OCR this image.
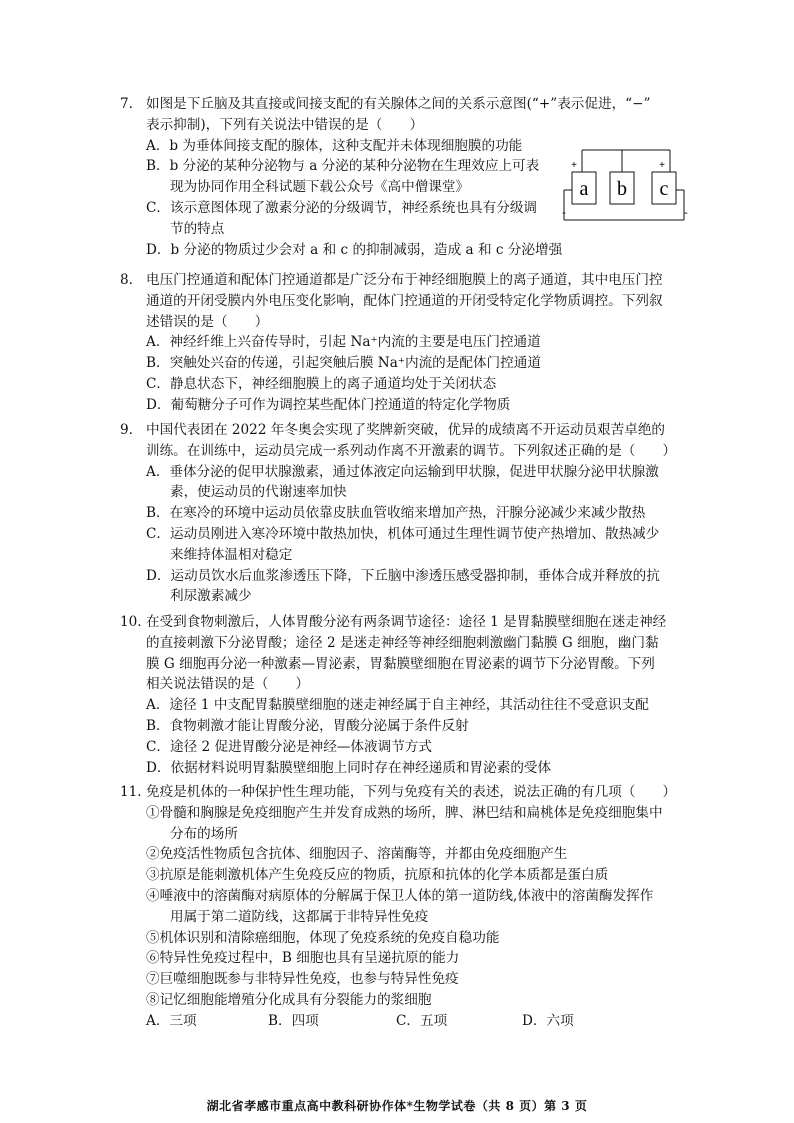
7. 如图是下丘脑及其直接或间接支配的有关腺体之间的关系示意图(“+”表示促进，“−”
表示抑制)，下列有关说法中错误的是（　　）
A．b 为垂体间接支配的腺体，这种支配并未体现细胞膜的功能
B．b 分泌的某种分泌物与 a 分泌的某种分泌物在生理效应上可表
现为协同作用全科试题下载公众号《高中僧课堂》
C．该示意图体现了激素分泌的分级调节，神经系统也具有分级调
节的特点
D．b 分泌的物质过少会对 a 和 c 的抑制减弱，造成 a 和 c 分泌增强
8. 电压门控通道和配体门控通道都是广泛分布于神经细胞膜上的离子通道，其中电压门控
通道的开闭受膜内外电压变化影响，配体门控通道的开闭受特定化学物质调控。下列叙
述错误的是（　　）
A．神经纤维上兴奋传导时，引起 Na⁺内流的主要是电压门控通道
B．突触处兴奋的传递，引起突触后膜 Na⁺内流的是配体门控通道
C．静息状态下，神经细胞膜上的离子通道均处于关闭状态
D．葡萄糖分子可作为调控某些配体门控通道的特定化学物质
9. 中国代表团在 2022 年冬奥会实现了奖牌新突破，优异的成绩离不开运动员艰苦卓绝的
训练。在训练中，运动员完成一系列动作离不开激素的调节。下列叙述正确的是（　　）
A．垂体分泌的促甲状腺激素，通过体液定向运输到甲状腺，促进甲状腺分泌甲状腺激
素，使运动员的代谢速率加快
B．在寒冷的环境中运动员依靠皮肤血管收缩来增加产热，汗腺分泌减少来减少散热
C．运动员刚进入寒冷环境中散热加快，机体可通过生理性调节使产热增加、散热减少
来维持体温相对稳定
D．运动员饮水后血浆渗透压下降，下丘脑中渗透压感受器抑制，垂体合成并释放的抗
利尿激素减少
10. 在受到食物刺激后，人体胃酸分泌有两条调节途径：途径 1 是胃黏膜壁细胞在迷走神经
的直接刺激下分泌胃酸；途径 2 是迷走神经等神经细胞刺激幽门黏膜 G 细胞，幽门黏
膜 G 细胞再分泌一种激素—胃泌素，胃黏膜壁细胞在胃泌素的调节下分泌胃酸。下列
相关说法错误的是（　　）
A．途径 1 中支配胃黏膜壁细胞的迷走神经属于自主神经，其活动往往不受意识支配
B．食物刺激才能让胃酸分泌，胃酸分泌属于条件反射
C．途径 2 促进胃酸分泌是神经—体液调节方式
D．依据材料说明胃黏膜壁细胞上同时存在神经递质和胃泌素的受体
11. 免疫是机体的一种保护性生理功能，下列与免疫有关的表述，说法正确的有几项（　　）
①骨髓和胸腺是免疫细胞产生并发育成熟的场所，脾、淋巴结和扁桃体是免疫细胞集中
分布的场所
②免疫活性物质包含抗体、细胞因子、溶菌酶等，并都由免疫细胞产生
③抗原是能刺激机体产生免疫反应的物质，抗原和抗体的化学本质都是蛋白质
④唾液中的溶菌酶对病原体的分解属于保卫人体的第一道防线,体液中的溶菌酶发挥作
用属于第二道防线，这都属于非特异性免疫
⑤机体识别和清除癌细胞，体现了免疫系统的免疫自稳功能
⑥特异性免疫过程中，B 细胞也具有呈递抗原的能力
⑦巨噬细胞既参与非特异性免疫，也参与特异性免疫
⑧记忆细胞能增殖分化成具有分裂能力的浆细胞
A．三项	B．四项	C．五项	D．六项
a b c
+	+
-	-
湖北省孝感市重点高中教科研协作体*生物学试卷（共 8 页）第 3 页
